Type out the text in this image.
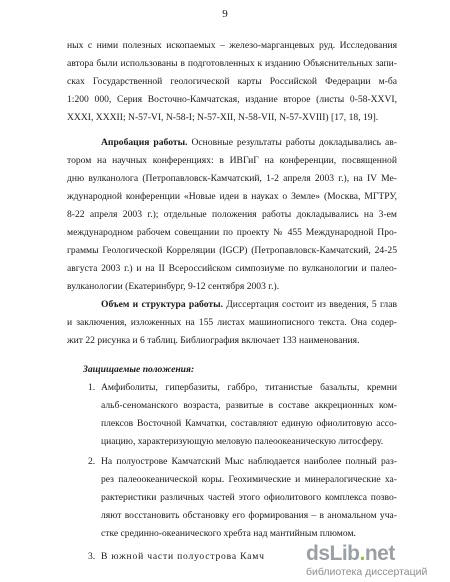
9
ных с ними полезных ископаемых – железо-марганцевых руд. Исследования
автора были использованы в подготовленных к изданию Объяснительных запи-
сках Государственной геологической карты Российской Федерации м-ба
1:200 000, Серия Восточно-Камчатская, издание второе (листы 0-58-XXVI,
XXXI, XXXII; N-57-VI, N-58-I; N-57-XII, N-58-VII, N-57-XVIII) [17, 18, 19].
Апробация работы. Основные результаты работы докладывались ав-
тором на научных конференциях: в ИВГиГ на конференции, посвященной
дню вулканолога (Петропавловск-Камчатский, 1-2 апреля 2003 г.), на IV Ме-
ждународной конференции «Новые идеи в науках о Земле» (Москва, МГТРУ,
8-22 апреля 2003 г.); отдельные положения работы докладывались на 3-ем
международном рабочем совещании по проекту № 455 Международной Про-
граммы Геологической Корреляции (IGCP) (Петропавловск-Камчатский, 24-25
августа 2003 г.) и на II Всероссийском симпозиуме по вулканологии и палео-
вулканологии (Екатеринбург, 9-12 сентября 2003 г.).
Объем и структура работы. Диссертация состоит из введения, 5 глав
и заключения, изложенных на 155 листах машинописного текста. Она содер-
жит 22 рисунка и 6 таблиц. Библиография включает 133 наименования.
Защищаемые положения:
1. Амфиболиты, гипербазиты, габбро, титанистые базальты, кремни
альб-сеноманского возраста, развитые в составе аккреционных ком-
плексов Восточной Камчатки, составляют единую офиолитовую ассо-
циацию, характеризующую меловую палеоокеаническую литосферу.
2. На полуострове Камчатский Мыс наблюдается наиболее полный раз-
рез палеоокеанической коры. Геохимические и минералогические ха-
рактеристики различных частей этого офиолитового комплекса позво-
ляют восстановить обстановку его формирования – в аномальном уча-
стке срединно-океанического хребта над мантийным плюмом.
3. В южной части полуострова Камч	dsLib.net
библиотека диссертаций
